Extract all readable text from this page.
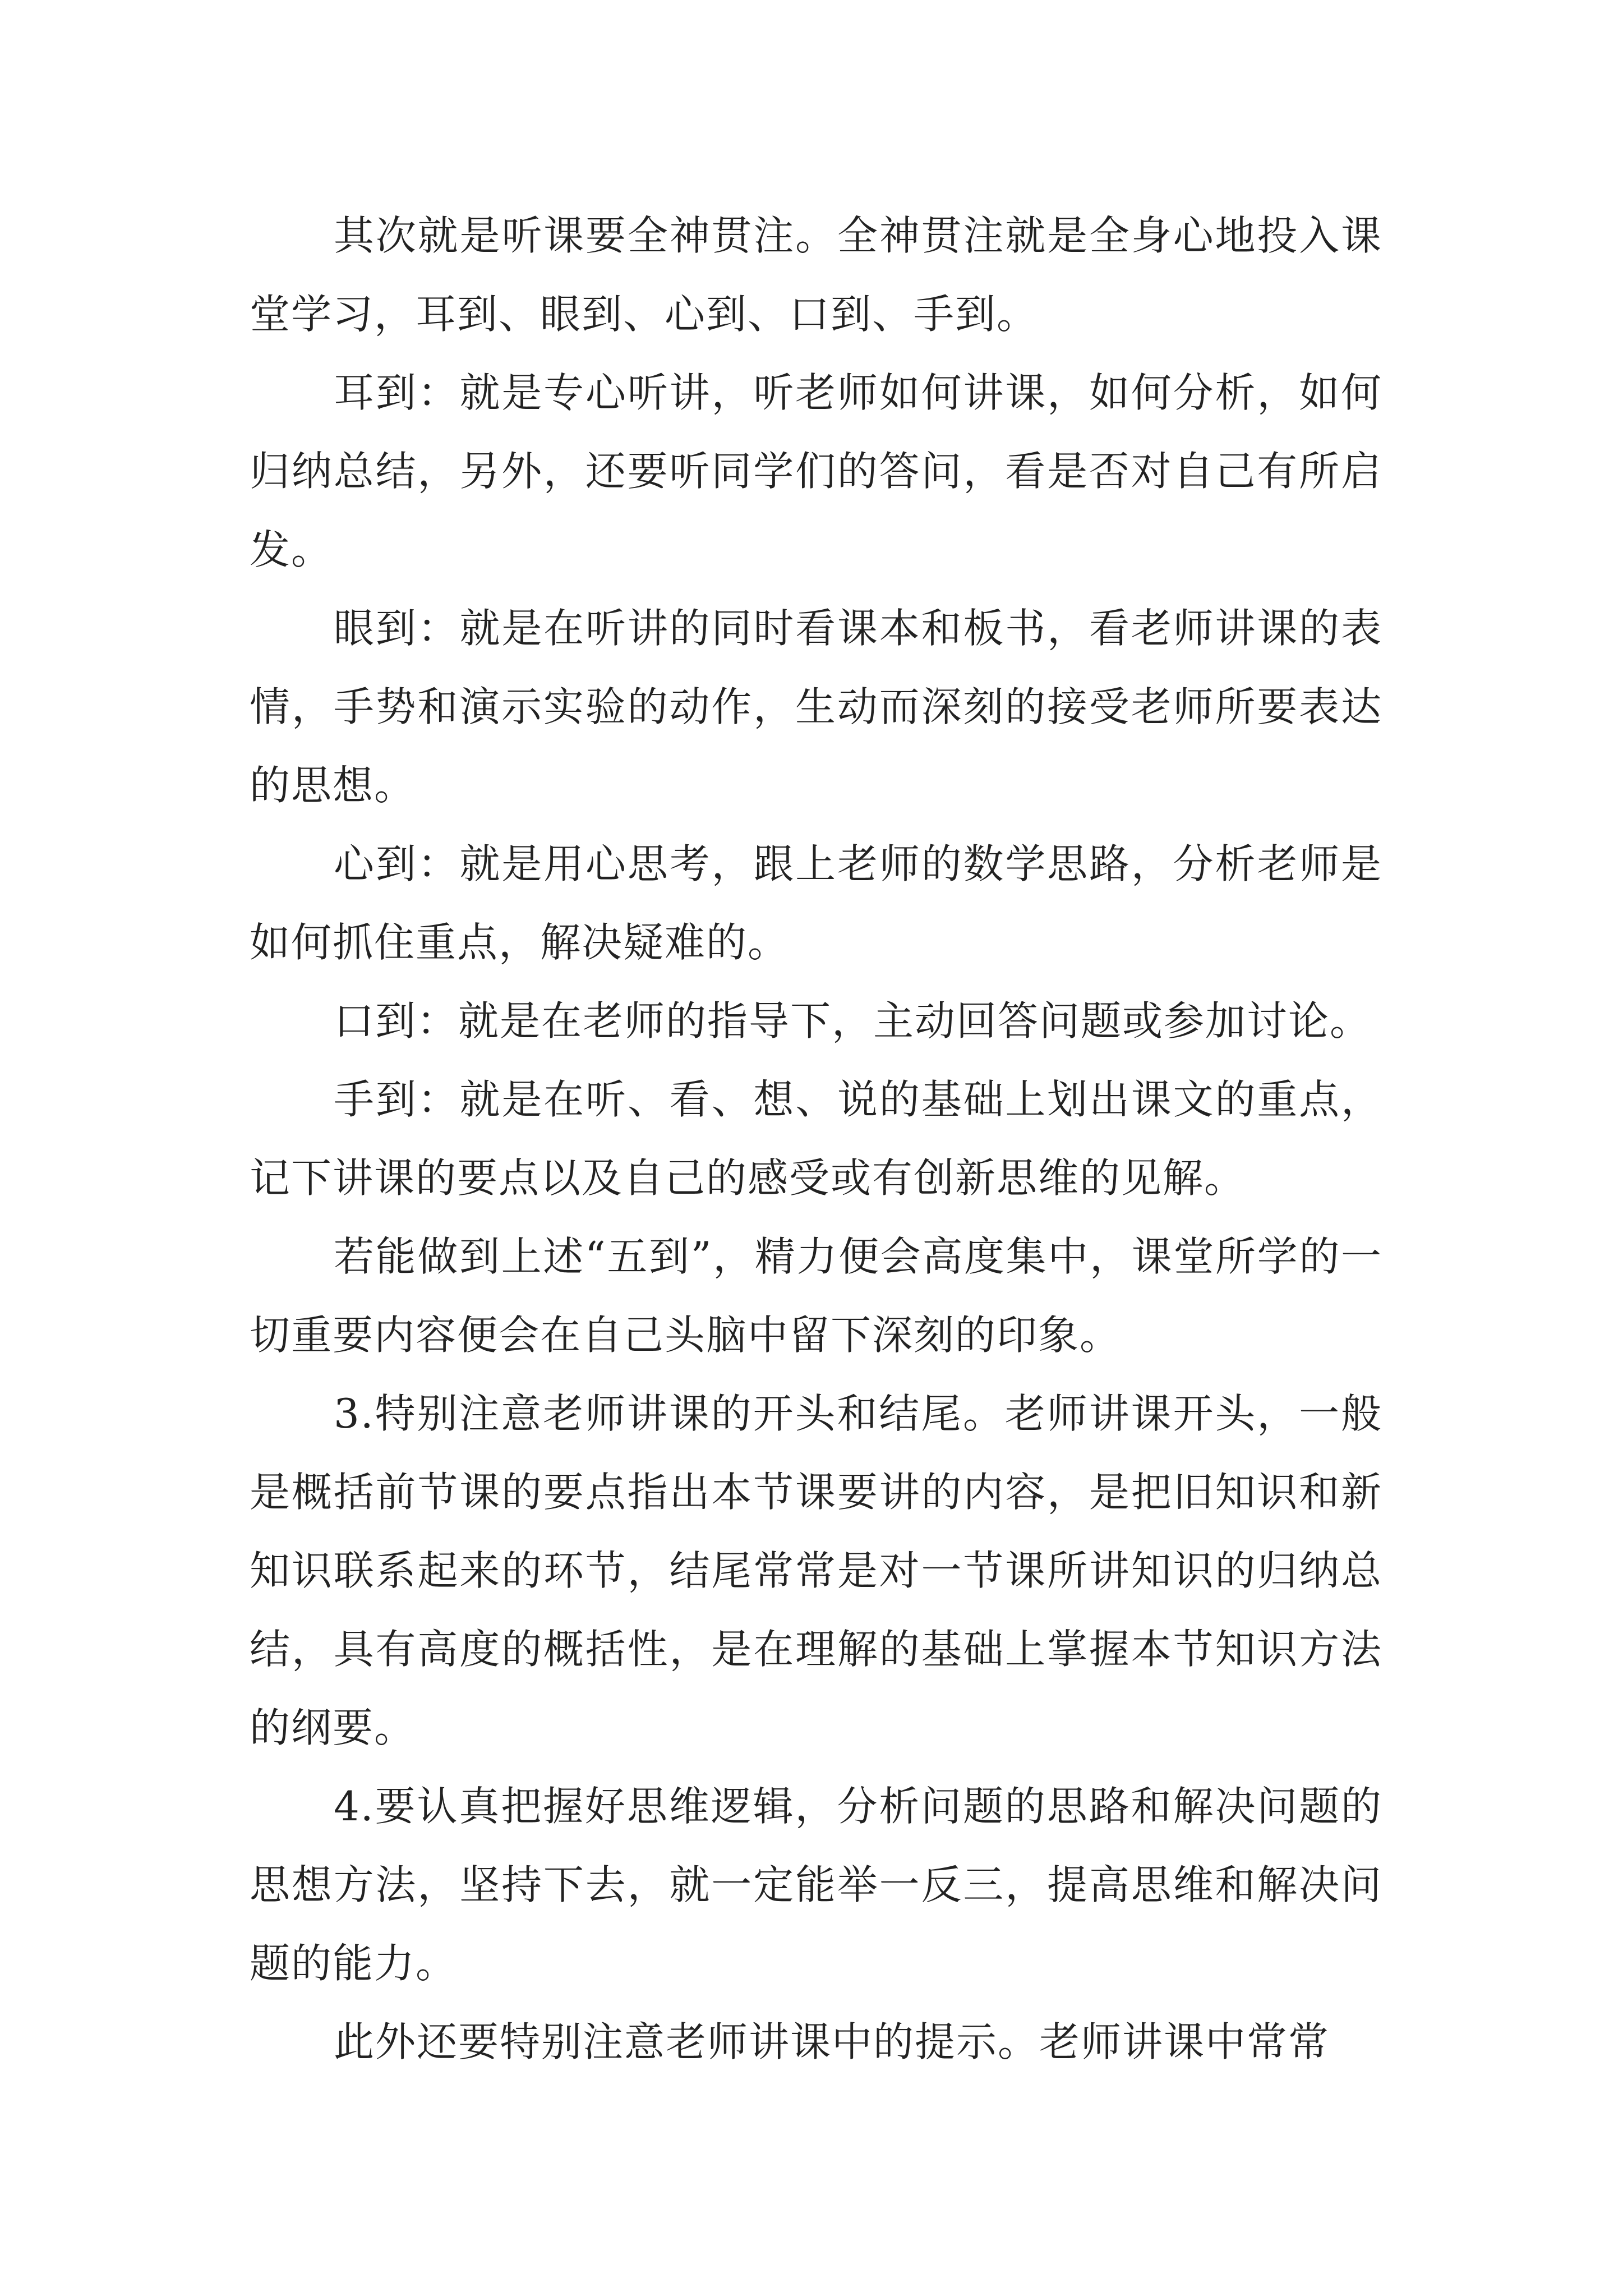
其次就是听课要全神贯注。全神贯注就是全身心地投入课堂学习，耳到、眼到、心到、口到、手到。

耳到：就是专心听讲，听老师如何讲课，如何分析，如何归纳总结，另外，还要听同学们的答问，看是否对自己有所启发。

眼到：就是在听讲的同时看课本和板书，看老师讲课的表情，手势和演示实验的动作，生动而深刻的接受老师所要表达的思想。

心到：就是用心思考，跟上老师的数学思路，分析老师是如何抓住重点，解决疑难的。

口到：就是在老师的指导下，主动回答问题或参加讨论。

手到：就是在听、看、想、说的基础上划出课文的重点，记下讲课的要点以及自己的感受或有创新思维的见解。

若能做到上述“五到”，精力便会高度集中，课堂所学的一切重要内容便会在自己头脑中留下深刻的印象。

3.特别注意老师讲课的开头和结尾。老师讲课开头，一般是概括前节课的要点指出本节课要讲的内容，是把旧知识和新知识联系起来的环节，结尾常常是对一节课所讲知识的归纳总结，具有高度的概括性，是在理解的基础上掌握本节知识方法的纲要。

4.要认真把握好思维逻辑，分析问题的思路和解决问题的思想方法，坚持下去，就一定能举一反三，提高思维和解决问题的能力。

此外还要特别注意老师讲课中的提示。老师讲课中常常
